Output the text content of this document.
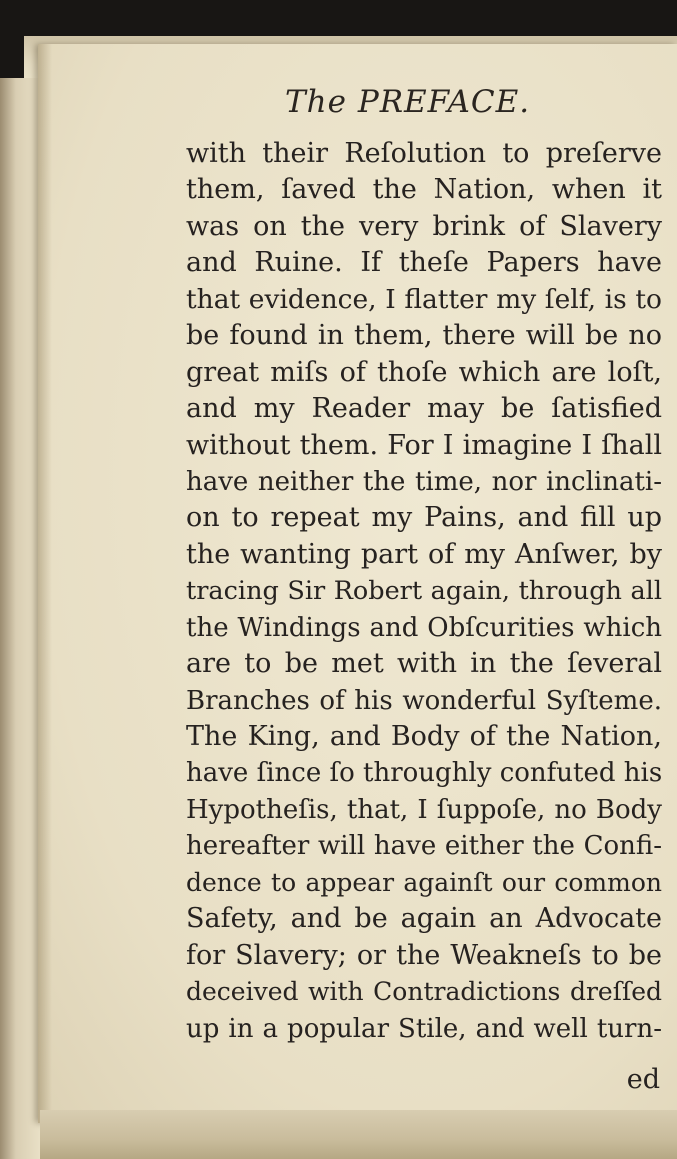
The PREFACE.
with their Reſolution to preſerve
them, ſaved the Nation, when it
was on the very brink of Slavery
and Ruine. If theſe Papers have
that evidence, I flatter my ſelf, is to
be found in them, there will be no
great miſs of thoſe which are loſt,
and my Reader may be ſatisfied
without them. For I imagine I ſhall
have neither the time, nor inclinati-
on to repeat my Pains, and fill up
the wanting part of my Anſwer, by
tracing Sir Robert again, through all
the Windings and Obſcurities which
are to be met with in the ſeveral
Branches of his wonderful Syſteme.
The King, and Body of the Nation,
have ſince ſo throughly confuted his
Hypotheſis, that, I ſuppoſe, no Body
hereafter will have either the Confi-
dence to appear againſt our common
Safety, and be again an Advocate
for Slavery; or the Weakneſs to be
deceived with Contradictions dreſſed
up in a popular Stile, and well turn-
ed
